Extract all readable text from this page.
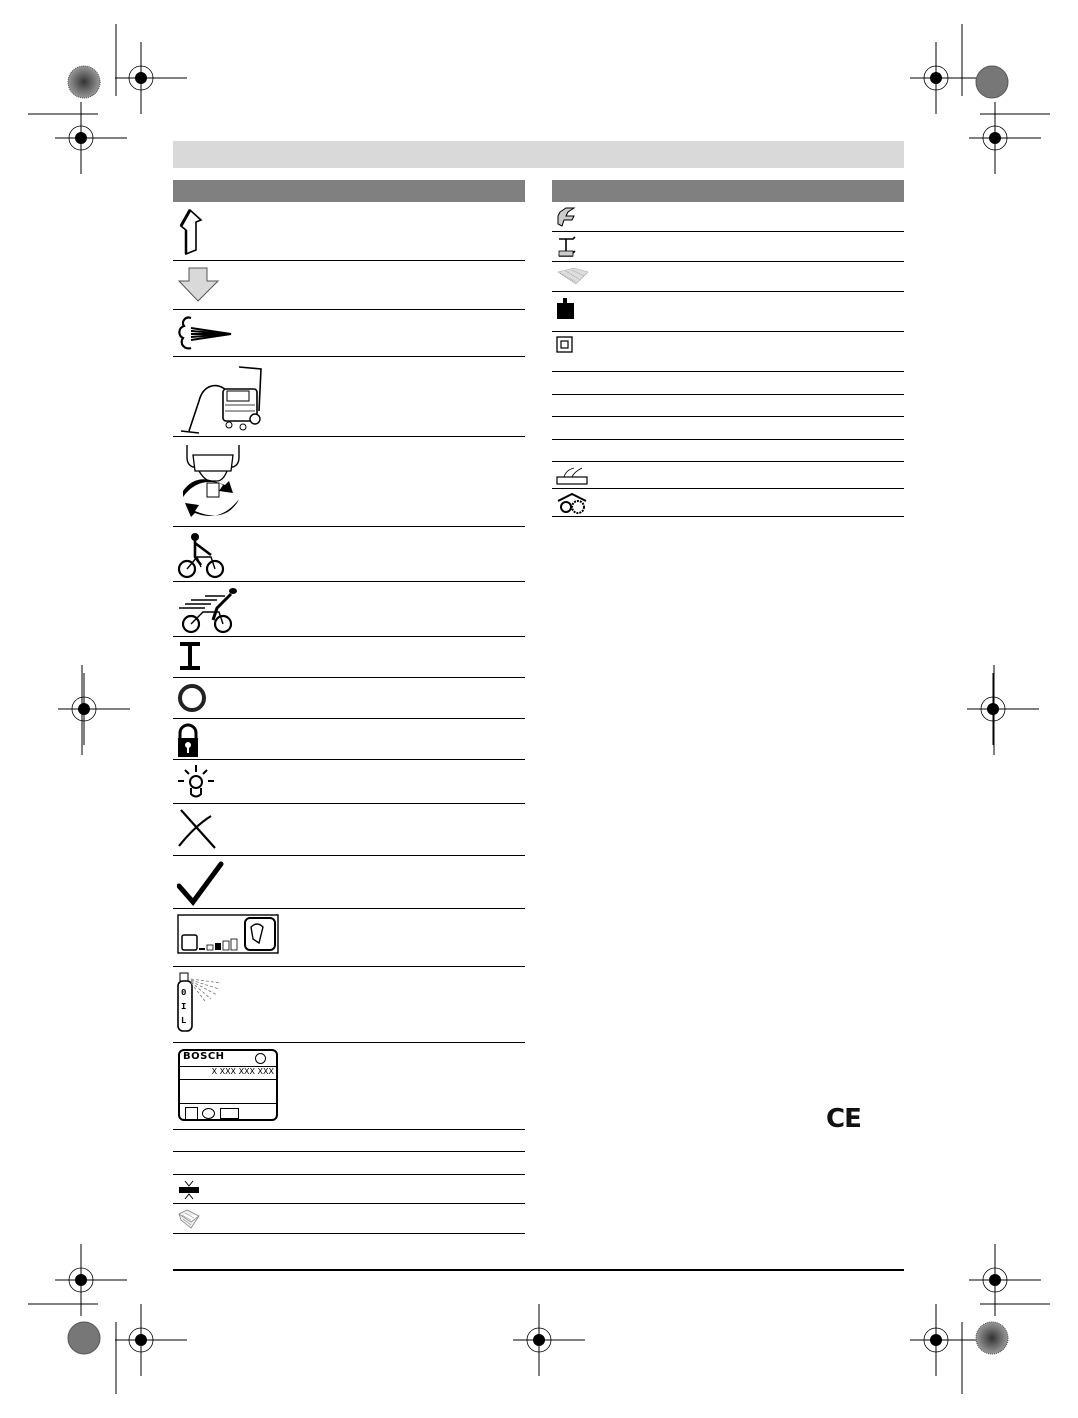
0
I
L
BOSCH
X XXX XXX XXX
CE
